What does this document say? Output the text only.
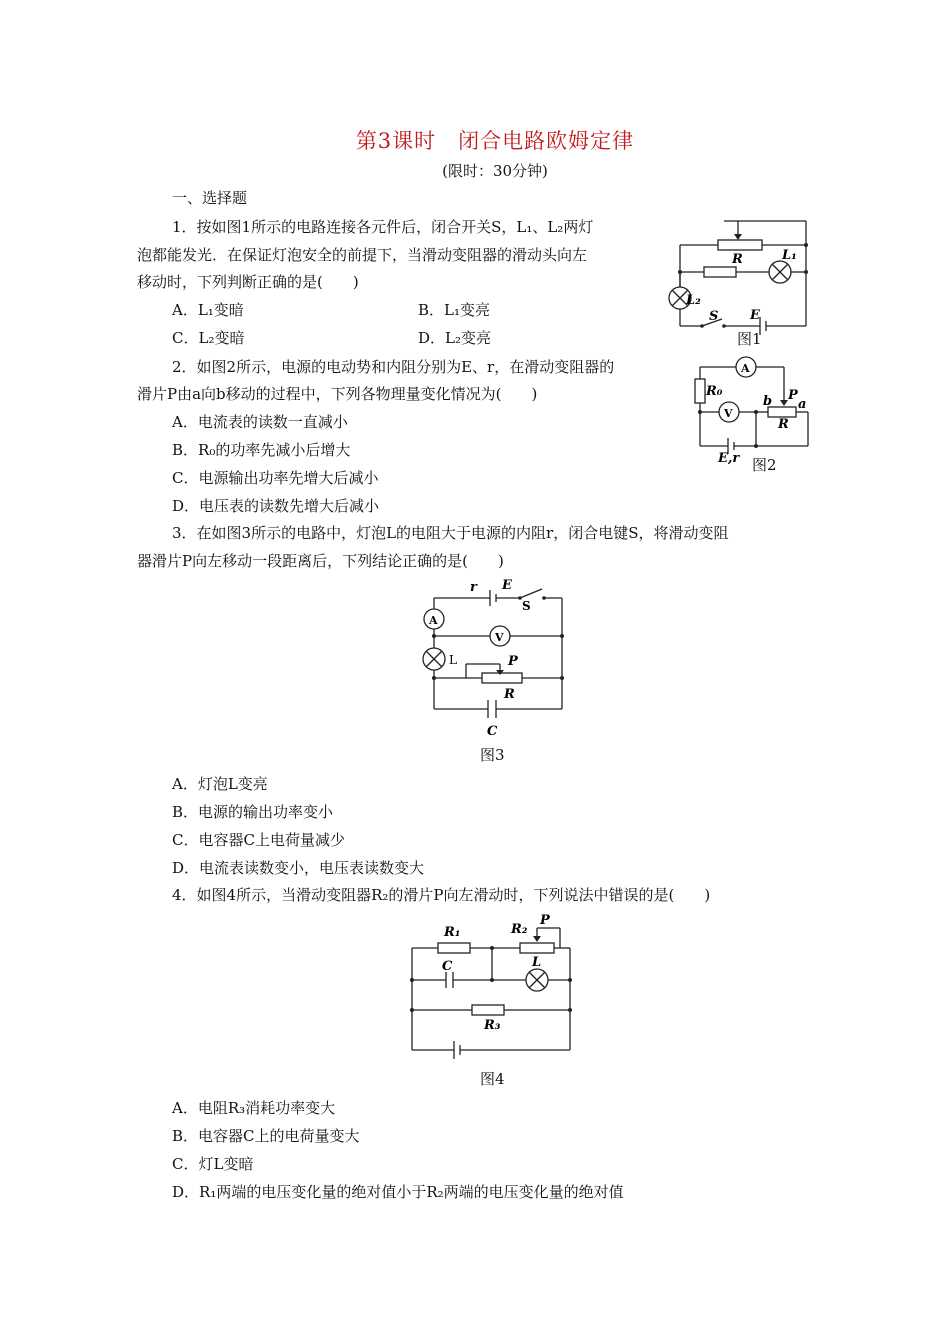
第3课时　闭合电路欧姆定律
(限时：30分钟)
一、选择题
1．按如图1所示的电路连接各元件后，闭合开关S，L₁、L₂两灯
泡都能发光．在保证灯泡安全的前提下，当滑动变阻器的滑动头向左
移动时，下列判断正确的是(　　)
A．L₁变暗	B．L₁变亮
C．L₂变暗	D．L₂变亮
R	L₁
L₂
S E
图1
2．如图2所示，电源的电动势和内阻分别为E、r，在滑动变阻器的
滑片P由a向b移动的过程中，下列各物理量变化情况为(　　)
A．电流表的读数一直减小
B．R₀的功率先减小后增大
C．电源输出功率先增大后减小
D．电压表的读数先增大后减小
A
R₀
V
b P
a
R
E,r 图2
3．在如图3所示的电路中，灯泡L的电阻大于电源的内阻r，闭合电键S，将滑动变阻
器滑片P向左移动一段距离后，下列结论正确的是(　　)
r E
S
A
V
L	P
R
C
图3
A．灯泡L变亮
B．电源的输出功率变小
C．电容器C上电荷量减少
D．电流表读数变小，电压表读数变大
4．如图4所示，当滑动变阻器R₂的滑片P向左滑动时，下列说法中错误的是(　　)
R₁	R₂
P
C	L
R₃
图4
A．电阻R₃消耗功率变大
B．电容器C上的电荷量变大
C．灯L变暗
D．R₁两端的电压变化量的绝对值小于R₂两端的电压变化量的绝对值
